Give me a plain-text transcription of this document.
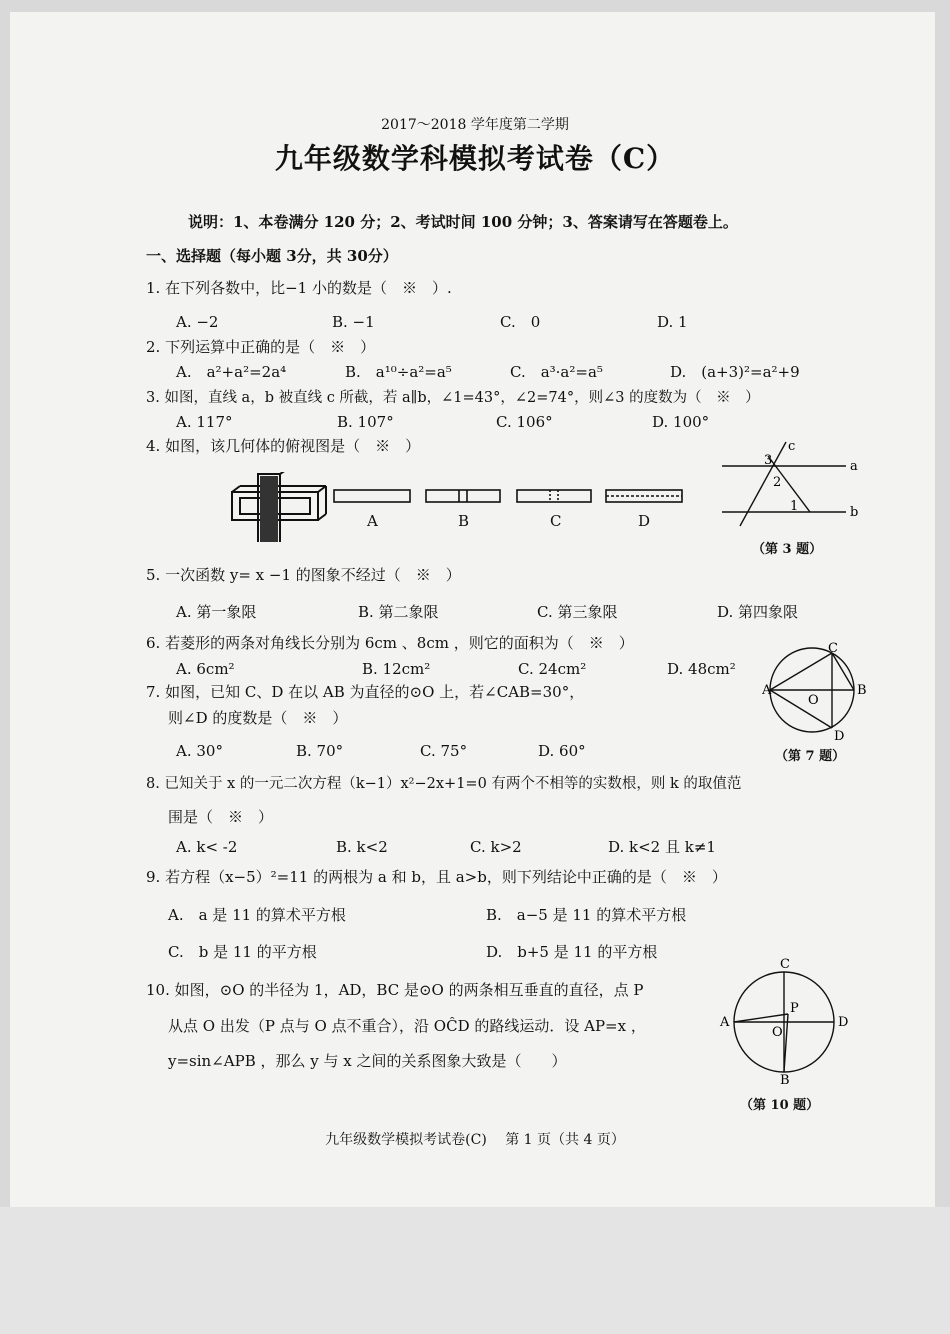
2017～2018 学年度第二学期
九年级数学科模拟考试卷（C）
说明：1、本卷满分 120 分；2、考试时间 100 分钟；3、答案请写在答题卷上。
一、选择题（每小题 3分，共 30分）
1. 在下列各数中，比−1 小的数是（　※　）.
A. −2	B. −1	C.　0	D. 1
2. 下列运算中正确的是（　※　）
A.　a²+a²=2a⁴	B.　a¹⁰÷a²=a⁵	C.　a³·a²=a⁵	D.　(a+3)²=a²+9
3. 如图，直线 a，b 被直线 c 所截，若 a∥b，∠1=43°，∠2=74°，则∠3 的度数为（　※　）
A. 117°	B. 107°	C. 106°	D. 100°
4. 如图，该几何体的俯视图是（　※　）
A	B	C	D
c
3
2
1
a
b
（第 3 题）
5. 一次函数 y= x −1 的图象不经过（　※　）
A. 第一象限	B. 第二象限	C. 第三象限	D. 第四象限
6. 若菱形的两条对角线长分别为 6cm 、8cm ，则它的面积为（　※　）
A. 6cm²	B. 12cm²	C. 24cm²	D. 48cm²
C
A
O
B
D
（第 7 题）
7. 如图，已知 C、D 在以 AB 为直径的⊙O 上，若∠CAB=30°，
则∠D 的度数是（　※　）
A. 30°	B. 70°	C. 75°	D. 60°
8. 已知关于 x 的一元二次方程（k−1）x²−2x+1=0 有两个不相等的实数根，则 k 的取值范
围是（　※　）
A. k< -2	B. k<2	C. k>2	D. k<2 且 k≠1
9. 若方程（x−5）²=11 的两根为 a 和 b，且 a>b，则下列结论中正确的是（　※　）
A.　a 是 11 的算术平方根	B.　a−5 是 11 的算术平方根
C.　b 是 11 的平方根	D.　b+5 是 11 的平方根
10. 如图，⊙O 的半径为 1，AD，BC 是⊙O 的两条相互垂直的直径，点 P
从点 O 出发（P 点与 O 点不重合），沿 OĈD 的路线运动．设 AP=x ，
y=sin∠APB ，那么 y 与 x 之间的关系图象大致是（　　）
C
A
O
P
D
B
（第 10 题）
九年级数学模拟考试卷(C)　 第 1 页（共 4 页）
